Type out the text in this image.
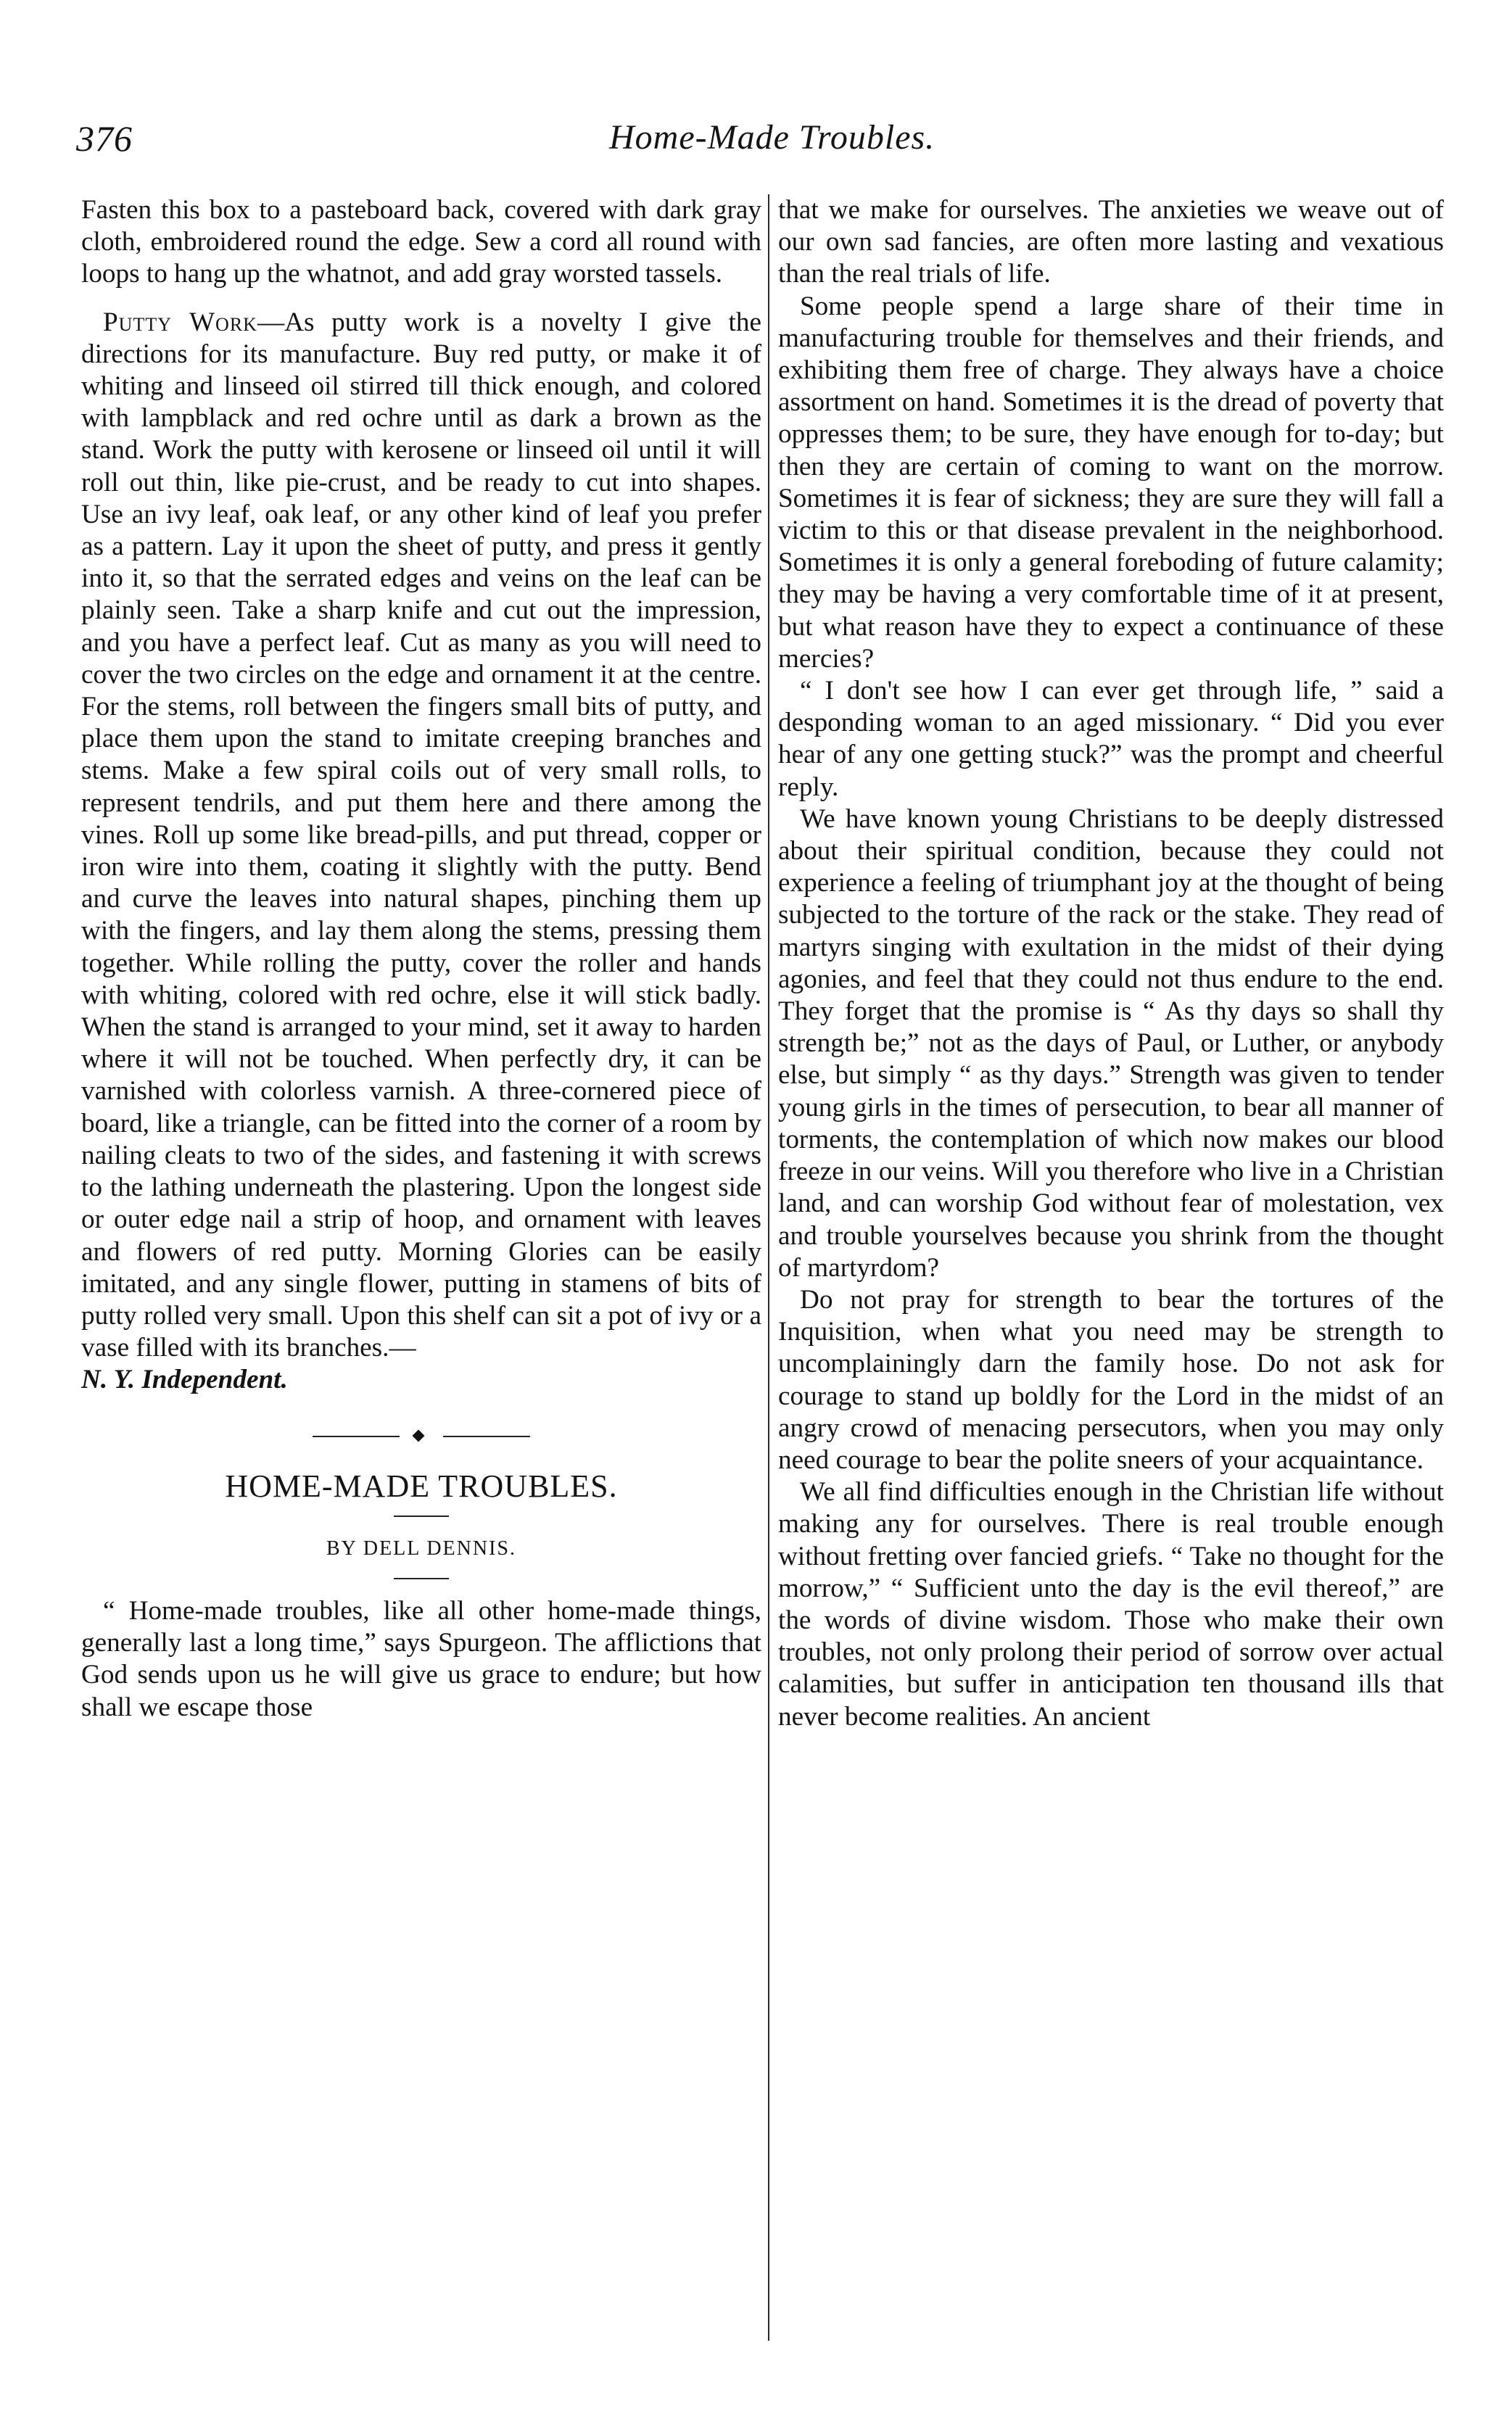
376	Home-Made Troubles.

Fasten this box to a pasteboard back, covered with dark gray cloth, embroidered round the edge. Sew a cord all round with loops to hang up the whatnot, and add gray worsted tassels.

Putty Work—As putty work is a novelty I give the directions for its manufacture. Buy red putty, or make it of whiting and linseed oil stirred till thick enough, and colored with lampblack and red ochre until as dark a brown as the stand. Work the putty with kerosene or linseed oil until it will roll out thin, like pie-crust, and be ready to cut into shapes. Use an ivy leaf, oak leaf, or any other kind of leaf you prefer as a pattern. Lay it upon the sheet of putty, and press it gently into it, so that the serrated edges and veins on the leaf can be plainly seen. Take a sharp knife and cut out the impression, and you have a perfect leaf. Cut as many as you will need to cover the two circles on the edge and ornament it at the centre. For the stems, roll between the fingers small bits of putty, and place them upon the stand to imitate creeping branches and stems. Make a few spiral coils out of very small rolls, to represent tendrils, and put them here and there among the vines. Roll up some like bread-pills, and put thread, copper or iron wire into them, coating it slightly with the putty. Bend and curve the leaves into natural shapes, pinching them up with the fingers, and lay them along the stems, pressing them together. While rolling the putty, cover the roller and hands with whiting, colored with red ochre, else it will stick badly. When the stand is arranged to your mind, set it away to harden where it will not be touched. When perfectly dry, it can be varnished with colorless varnish. A three-cornered piece of board, like a triangle, can be fitted into the corner of a room by nailing cleats to two of the sides, and fastening it with screws to the lathing underneath the plastering. Upon the longest side or outer edge nail a strip of hoop, and ornament with leaves and flowers of red putty. Morning Glories can be easily imitated, and any single flower, putting in stamens of bits of putty rolled very small. Upon this shelf can sit a pot of ivy or a vase filled with its branches.—
N. Y. Independent.

HOME-MADE TROUBLES.

BY DELL DENNIS.

“ Home-made troubles, like all other home-made things, generally last a long time,” says Spurgeon. The afflictions that God sends upon us he will give us grace to endure; but how shall we escape those

that we make for ourselves. The anxieties we weave out of our own sad fancies, are often more lasting and vexatious than the real trials of life.

Some people spend a large share of their time in manufacturing trouble for themselves and their friends, and exhibiting them free of charge. They always have a choice assortment on hand. Sometimes it is the dread of poverty that oppresses them; to be sure, they have enough for to-day; but then they are certain of coming to want on the morrow. Sometimes it is fear of sickness; they are sure they will fall a victim to this or that disease prevalent in the neighborhood. Sometimes it is only a general foreboding of future calamity; they may be having a very comfortable time of it at present, but what reason have they to expect a continuance of these mercies?

“ I don't see how I can ever get through life, ” said a desponding woman to an aged missionary. “ Did you ever hear of any one getting stuck?” was the prompt and cheerful reply.

We have known young Christians to be deeply distressed about their spiritual condition, because they could not experience a feeling of triumphant joy at the thought of being subjected to the torture of the rack or the stake. They read of martyrs singing with exultation in the midst of their dying agonies, and feel that they could not thus endure to the end. They forget that the promise is “ As thy days so shall thy strength be;” not as the days of Paul, or Luther, or anybody else, but simply “ as thy days.” Strength was given to tender young girls in the times of persecution, to bear all manner of torments, the contemplation of which now makes our blood freeze in our veins. Will you therefore who live in a Christian land, and can worship God without fear of molestation, vex and trouble yourselves because you shrink from the thought of martyrdom?

Do not pray for strength to bear the tortures of the Inquisition, when what you need may be strength to uncomplainingly darn the family hose. Do not ask for courage to stand up boldly for the Lord in the midst of an angry crowd of menacing persecutors, when you may only need courage to bear the polite sneers of your acquaintance.

We all find difficulties enough in the Christian life without making any for ourselves. There is real trouble enough without fretting over fancied griefs. “ Take no thought for the morrow,” “ Sufficient unto the day is the evil thereof,” are the words of divine wisdom. Those who make their own troubles, not only prolong their period of sorrow over actual calamities, but suffer in anticipation ten thousand ills that never become realities. An ancient
